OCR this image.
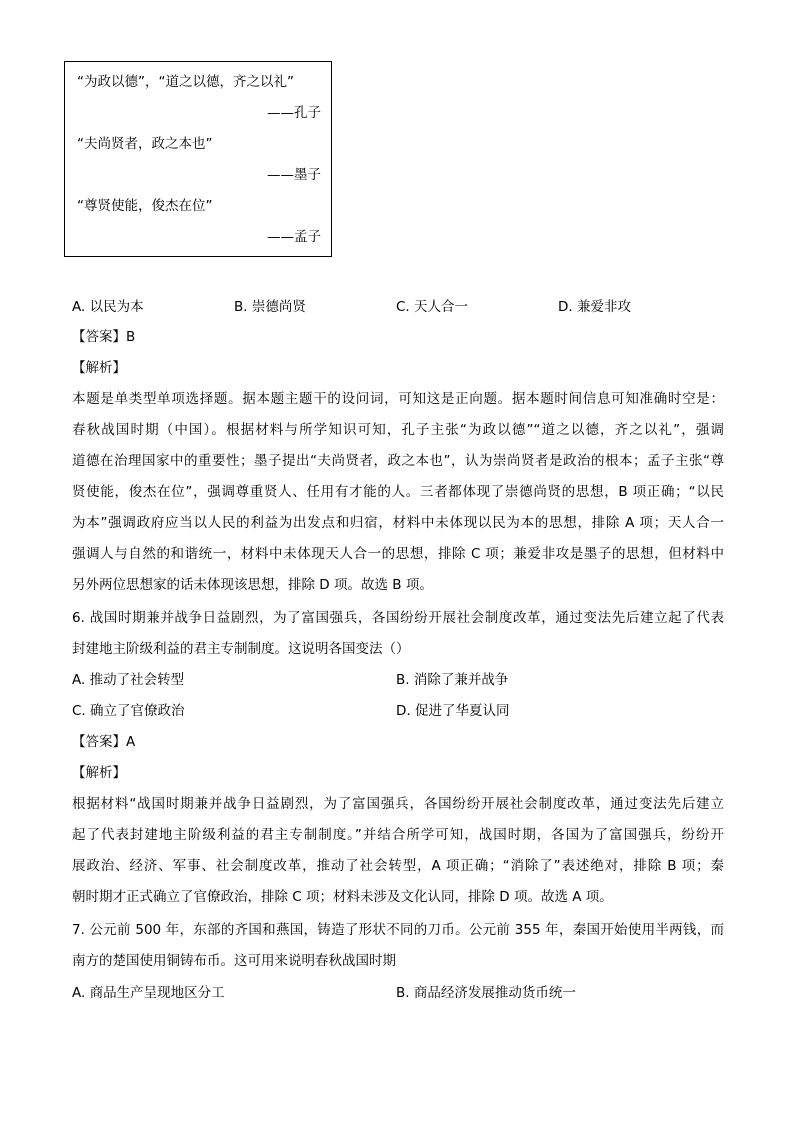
“为政以德”，“道之以德，齐之以礼”
——孔子
“夫尚贤者，政之本也”
——墨子
“尊贤使能，俊杰在位”
——孟子
A. 以民为本	B. 崇德尚贤	C. 天人合一	D. 兼爱非攻
【答案】B
【解析】
本题是单类型单项选择题。据本题主题干的设问词，可知这是正向题。据本题时间信息可知准确时空是：
春秋战国时期（中国）。根据材料与所学知识可知，孔子主张“为政以德”“道之以德，齐之以礼”，强调
道德在治理国家中的重要性；墨子提出“夫尚贤者，政之本也”，认为崇尚贤者是政治的根本；孟子主张“尊
贤使能，俊杰在位”，强调尊重贤人、任用有才能的人。三者都体现了崇德尚贤的思想，B 项正确；“以民
为本”强调政府应当以人民的利益为出发点和归宿，材料中未体现以民为本的思想，排除 A 项；天人合一
强调人与自然的和谐统一，材料中未体现天人合一的思想，排除 C 项；兼爱非攻是墨子的思想，但材料中
另外两位思想家的话未体现该思想，排除 D 项。故选 B 项。
6. 战国时期兼并战争日益剧烈，为了富国强兵，各国纷纷开展社会制度改革，通过变法先后建立起了代表
封建地主阶级利益的君主专制制度。这说明各国变法（）
A. 推动了社会转型	B. 消除了兼并战争
C. 确立了官僚政治	D. 促进了华夏认同
【答案】A
【解析】
根据材料“战国时期兼并战争日益剧烈，为了富国强兵，各国纷纷开展社会制度改革，通过变法先后建立
起了代表封建地主阶级利益的君主专制制度。”并结合所学可知，战国时期，各国为了富国强兵，纷纷开
展政治、经济、军事、社会制度改革，推动了社会转型，A 项正确；“消除了”表述绝对，排除 B 项；秦
朝时期才正式确立了官僚政治，排除 C 项；材料未涉及文化认同，排除 D 项。故选 A 项。
7. 公元前 500 年，东部的齐国和燕国，铸造了形状不同的刀币。公元前 355 年，秦国开始使用半两钱，而
南方的楚国使用铜铸布币。这可用来说明春秋战国时期
A. 商品生产呈现地区分工	B. 商品经济发展推动货币统一
